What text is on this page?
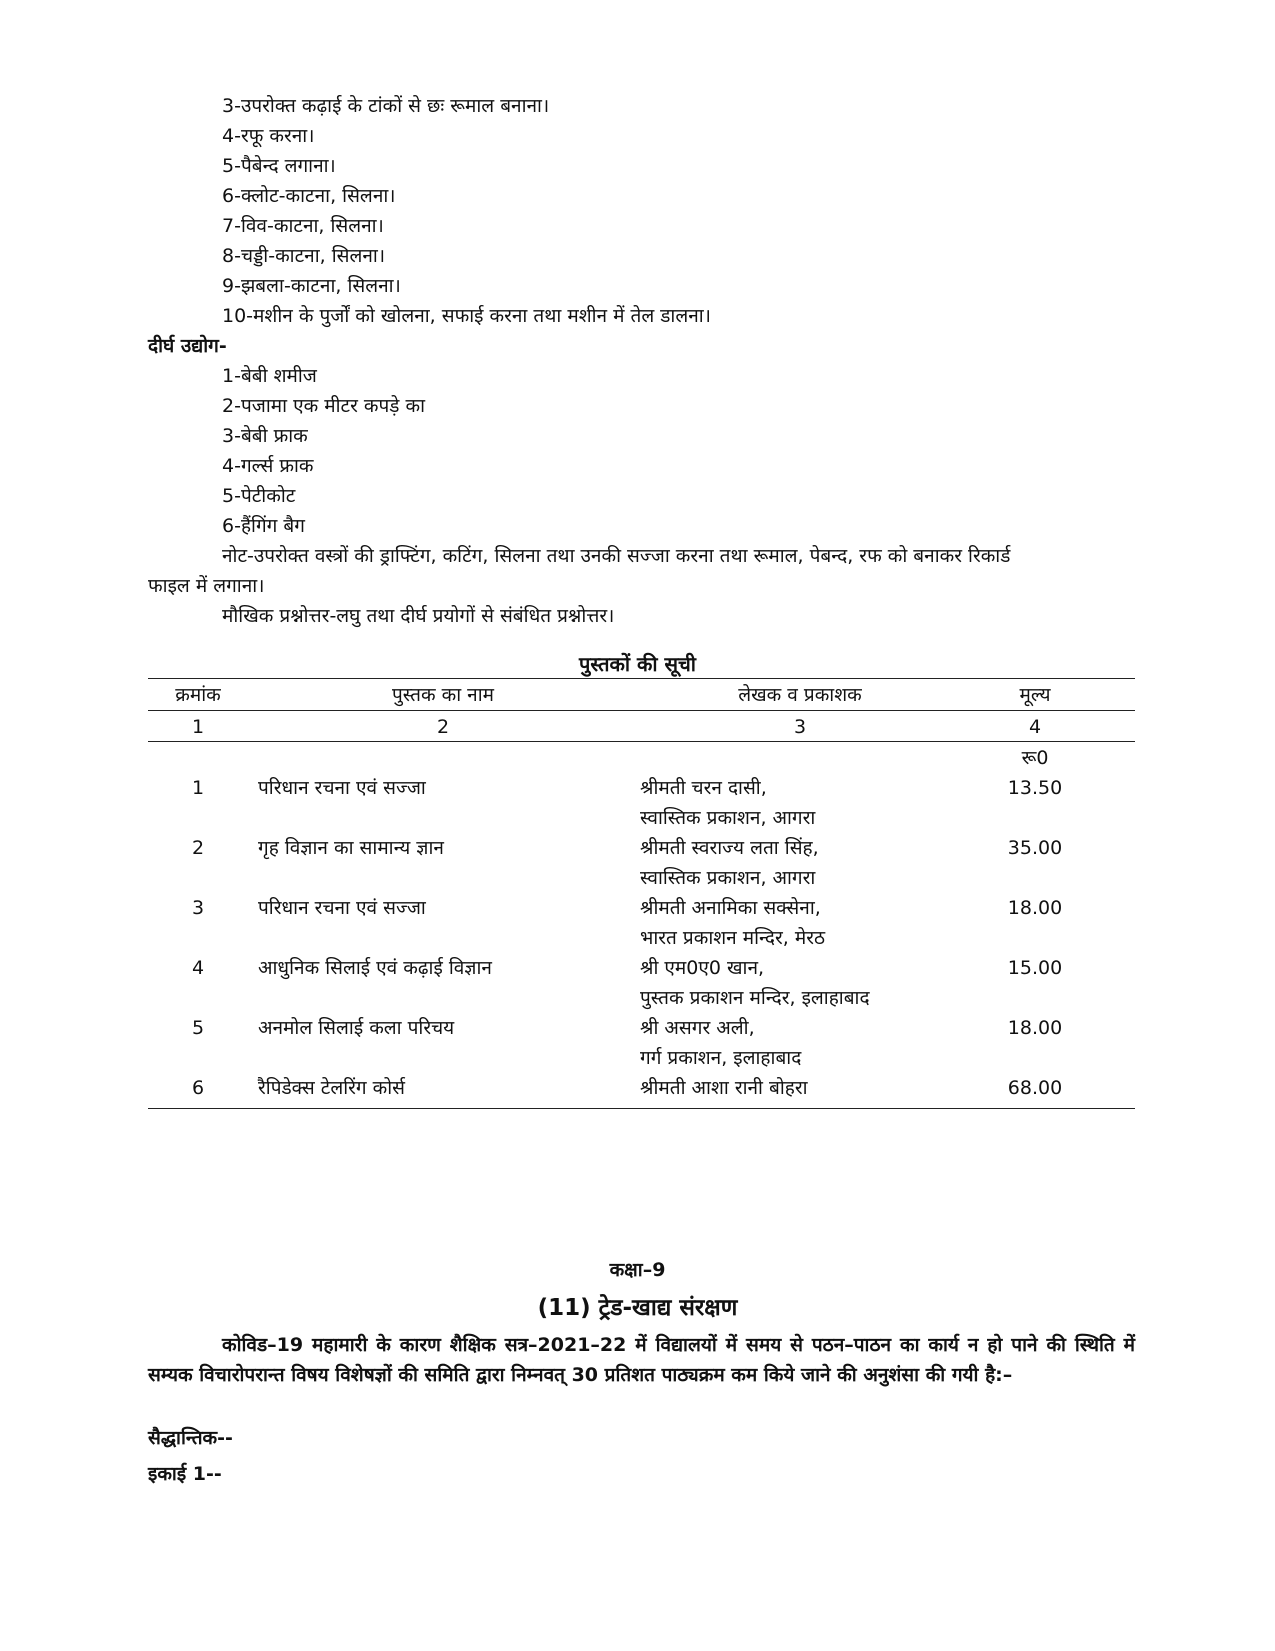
3-उपरोक्त कढ़ाई के टांकों से छः रूमाल बनाना।
4-रफू करना।
5-पैबेन्द लगाना।
6-क्लोट-काटना, सिलना।
7-विव-काटना, सिलना।
8-चड्डी-काटना, सिलना।
9-झबला-काटना, सिलना।
10-मशीन के पुर्जों को खोलना, सफाई करना तथा मशीन में तेल डालना।
दीर्घ उद्योग-
1-बेबी शमीज
2-पजामा एक मीटर कपड़े का
3-बेबी फ्राक
4-गर्ल्स फ्राक
5-पेटीकोट
6-हैंगिंग बैग
नोट-उपरोक्त वस्त्रों की ड्राफ्टिंग, कटिंग, सिलना तथा उनकी सज्जा करना तथा रूमाल, पेबन्द, रफ को बनाकर रिकार्ड
फाइल में लगाना।
मौखिक प्रश्नोत्तर-लघु तथा दीर्घ प्रयोगों से संबंधित प्रश्नोत्तर।
पुस्तकों की सूची
क्रमांक	पुस्तक का नाम	लेखक व प्रकाशक	मूल्य
1	2	3	4
रू0
1	परिधान रचना एवं सज्जा	श्रीमती चरन दासी,	13.50
स्वास्तिक प्रकाशन, आगरा
2	गृह विज्ञान का सामान्य ज्ञान	श्रीमती स्वराज्य लता सिंह,	35.00
स्वास्तिक प्रकाशन, आगरा
3	परिधान रचना एवं सज्जा	श्रीमती अनामिका सक्सेना,	18.00
भारत प्रकाशन मन्दिर, मेरठ
4	आधुनिक सिलाई एवं कढ़ाई विज्ञान	श्री एम0ए0 खान,	15.00
पुस्तक प्रकाशन मन्दिर, इलाहाबाद
5	अनमोल सिलाई कला परिचय	श्री असगर अली,	18.00
गर्ग प्रकाशन, इलाहाबाद
6	रैपिडेक्स टेलरिंग कोर्स	श्रीमती आशा रानी बोहरा	68.00
कक्षा–9
(11) ट्रेड-खाद्य संरक्षण
कोविड–19 महामारी के कारण शैक्षिक सत्र–2021–22 में विद्यालयों में समय से पठन–पाठन का कार्य न हो पाने की स्थिति में सम्यक विचारोपरान्त विषय विशेषज्ञों की समिति द्वारा निम्नवत् 30 प्रतिशत पाठ्यक्रम कम किये जाने की अनुशंसा की गयी है:–
सैद्धान्तिक--
इकाई 1--
